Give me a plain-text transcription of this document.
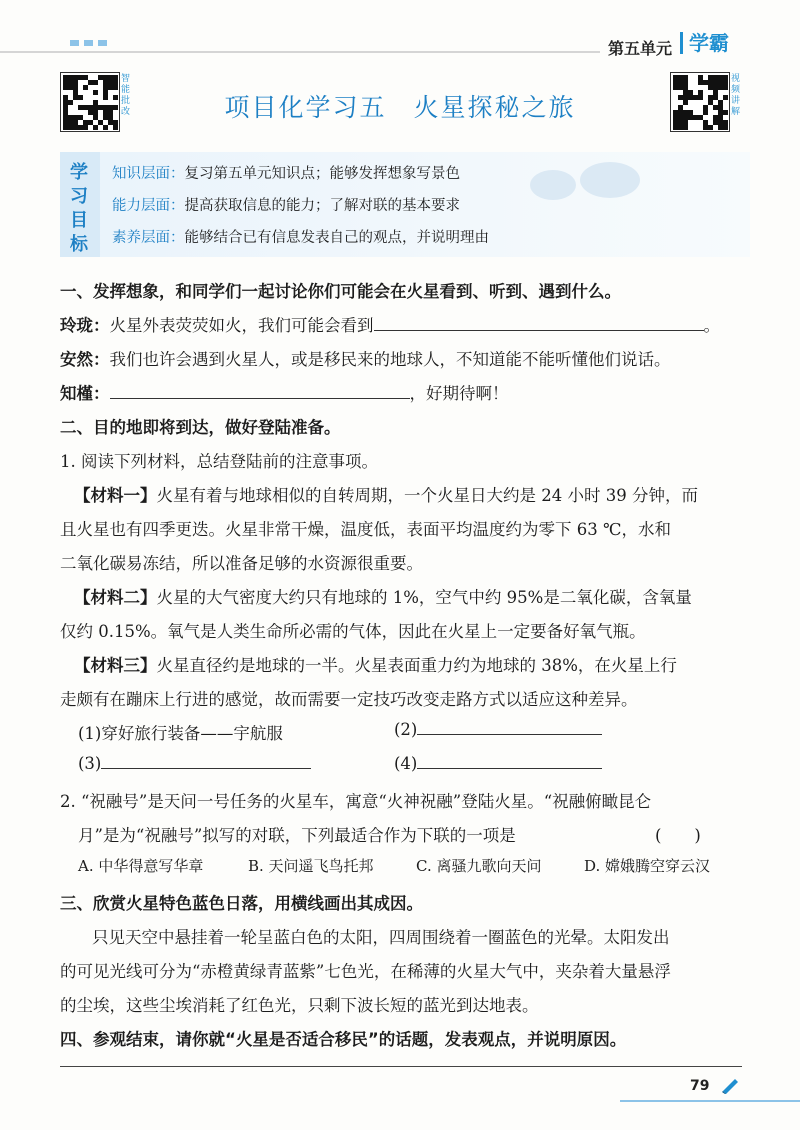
第五单元 学霸
智能批改
视频讲解
项目化学习五　火星探秘之旅
学
习
目
标
知识层面：复习第五单元知识点；能够发挥想象写景色
能力层面：提高获取信息的能力；了解对联的基本要求
素养层面：能够结合已有信息发表自己的观点，并说明理由
一、发挥想象，和同学们一起讨论你们可能会在火星看到、听到、遇到什么。
玲珑：火星外表荧荧如火，我们可能会看到	。
安然：我们也许会遇到火星人，或是移民来的地球人，不知道能不能听懂他们说话。
知槿：	，好期待啊！
二、目的地即将到达，做好登陆准备。
1. 阅读下列材料，总结登陆前的注意事项。
【材料一】火星有着与地球相似的自转周期，一个火星日大约是 24 小时 39 分钟，而
且火星也有四季更迭。火星非常干燥，温度低，表面平均温度约为零下 63 ℃，水和
二氧化碳易冻结，所以准备足够的水资源很重要。
【材料二】火星的大气密度大约只有地球的 1%，空气中约 95%是二氧化碳，含氧量
仅约 0.15%。氧气是人类生命所必需的气体，因此在火星上一定要备好氧气瓶。
【材料三】火星直径约是地球的一半。火星表面重力约为地球的 38%，在火星上行
走颇有在蹦床上行进的感觉，故而需要一定技巧改变走路方式以适应这种差异。
(1)穿好旅行装备——宇航服	(2)
(3)	(4)
2. “祝融号”是天问一号任务的火星车，寓意“火神祝融”登陆火星。“祝融俯瞰昆仑
月”是为“祝融号”拟写的对联，下列最适合作为下联的一项是	(　　)
A. 中华得意写华章	B. 天问遥飞鸟托邦	C. 离骚九歌向天问	D. 嫦娥腾空穿云汉
三、欣赏火星特色蓝色日落，用横线画出其成因。
只见天空中悬挂着一轮呈蓝白色的太阳，四周围绕着一圈蓝色的光晕。太阳发出
的可见光线可分为“赤橙黄绿青蓝紫”七色光，在稀薄的火星大气中，夹杂着大量悬浮
的尘埃，这些尘埃消耗了红色光，只剩下波长短的蓝光到达地表。
四、参观结束，请你就“火星是否适合移民”的话题，发表观点，并说明原因。
79
